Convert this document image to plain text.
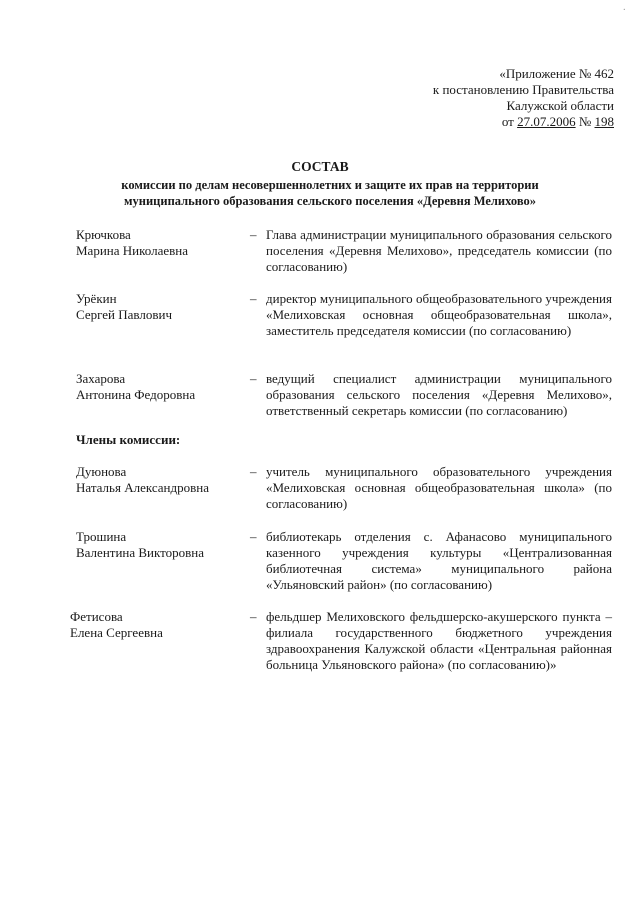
«Приложение № 462
к постановлению Правительства
Калужской области
от 27.07.2006 № 198
СОСТАВ
комиссии по делам несовершеннолетних и защите их прав на территории
муниципального образования сельского поселения «Деревня Мелихово»
Крючкова
Марина Николаевна
– Глава администрации муниципального образования сельского поселения «Деревня Мелихово», председатель комиссии (по согласованию)
Урёкин
Сергей Павлович
– директор муниципального общеобразовательного учреждения «Мелиховская основная общеобразовательная школа», заместитель председателя комиссии (по согласованию)
Захарова
Антонина Федоровна
– ведущий специалист администрации муниципального образования сельского поселения «Деревня Мелихово», ответственный секретарь комиссии (по согласованию)
Члены комиссии:
Дуюнова
Наталья Александровна
– учитель муниципального образовательного учреждения «Мелиховская основная общеобразовательная школа» (по согласованию)
Трошина
Валентина Викторовна
– библиотекарь отделения с. Афанасово муниципального казенного учреждения культуры «Централизованная библиотечная система» муниципального района «Ульяновский район» (по согласованию)
Фетисова
Елена Сергеевна
– фельдшер Мелиховского фельдшерско-акушерского пункта – филиала государственного бюджетного учреждения здравоохранения Калужской области «Центральная районная больница Ульяновского района» (по согласованию)»
·
